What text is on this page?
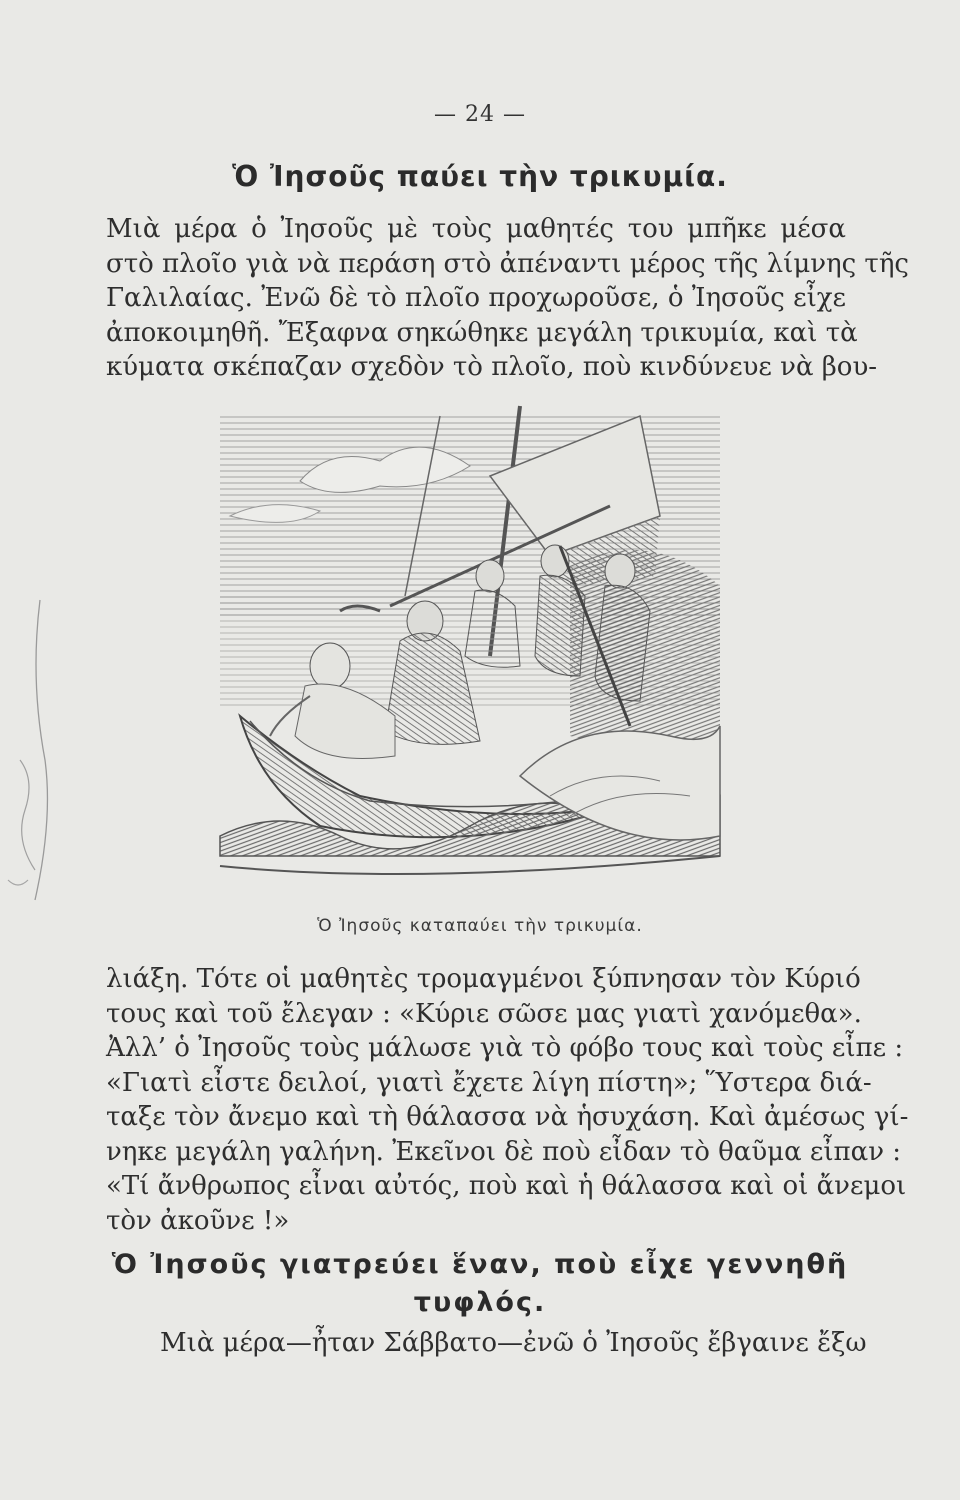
— 24 —
Ὁ Ἰησοῦς παύει τὴν τρικυμία.
Μιὰ μέρα ὁ Ἰησοῦς μὲ τοὺς μαθητές του μπῆκε μέσα
στὸ πλοῖο γιὰ νὰ περάση στὸ ἀπέναντι μέρος τῆς λίμνης τῆς
Γαλιλαίας. Ἐνῶ δὲ τὸ πλοῖο προχωροῦσε, ὁ Ἰησοῦς εἶχε
ἀποκοιμηθῆ. Ἔξαφνα σηκώθηκε μεγάλη τρικυμία, καὶ τὰ
κύματα σκέπαζαν σχεδὸν τὸ πλοῖο, ποὺ κινδύνευε νὰ βου-
Ὁ Ἰησοῦς καταπαύει τὴν τρικυμία.
λιάξη. Τότε οἱ μαθητὲς τρομαγμένοι ξύπνησαν τὸν Κύριό
τους καὶ τοῦ ἔλεγαν : «Κύριε σῶσε μας γιατὶ χανόμεθα».
Ἀλλ’ ὁ Ἰησοῦς τοὺς μάλωσε γιὰ τὸ φόβο τους καὶ τοὺς εἶπε :
«Γιατὶ εἶστε δειλοί, γιατὶ ἔχετε λίγη πίστη»; Ὕστερα διά-
ταξε τὸν ἄνεμο καὶ τὴ θάλασσα νὰ ἡσυχάση. Καὶ ἀμέσως γί-
νηκε μεγάλη γαλήνη. Ἐκεῖνοι δὲ ποὺ εἶδαν τὸ θαῦμα εἶπαν :
«Τί ἄνθρωπος εἶναι αὐτός, ποὺ καὶ ἡ θάλασσα καὶ οἱ ἄνεμοι
τὸν ἀκοῦνε !»
Ὁ Ἰησοῦς γιατρεύει ἕναν, ποὺ εἶχε γεννηθῆ τυφλός.
Μιὰ μέρα—ἦταν Σάββατο—ἐνῶ ὁ Ἰησοῦς ἔβγαινε ἔξω
